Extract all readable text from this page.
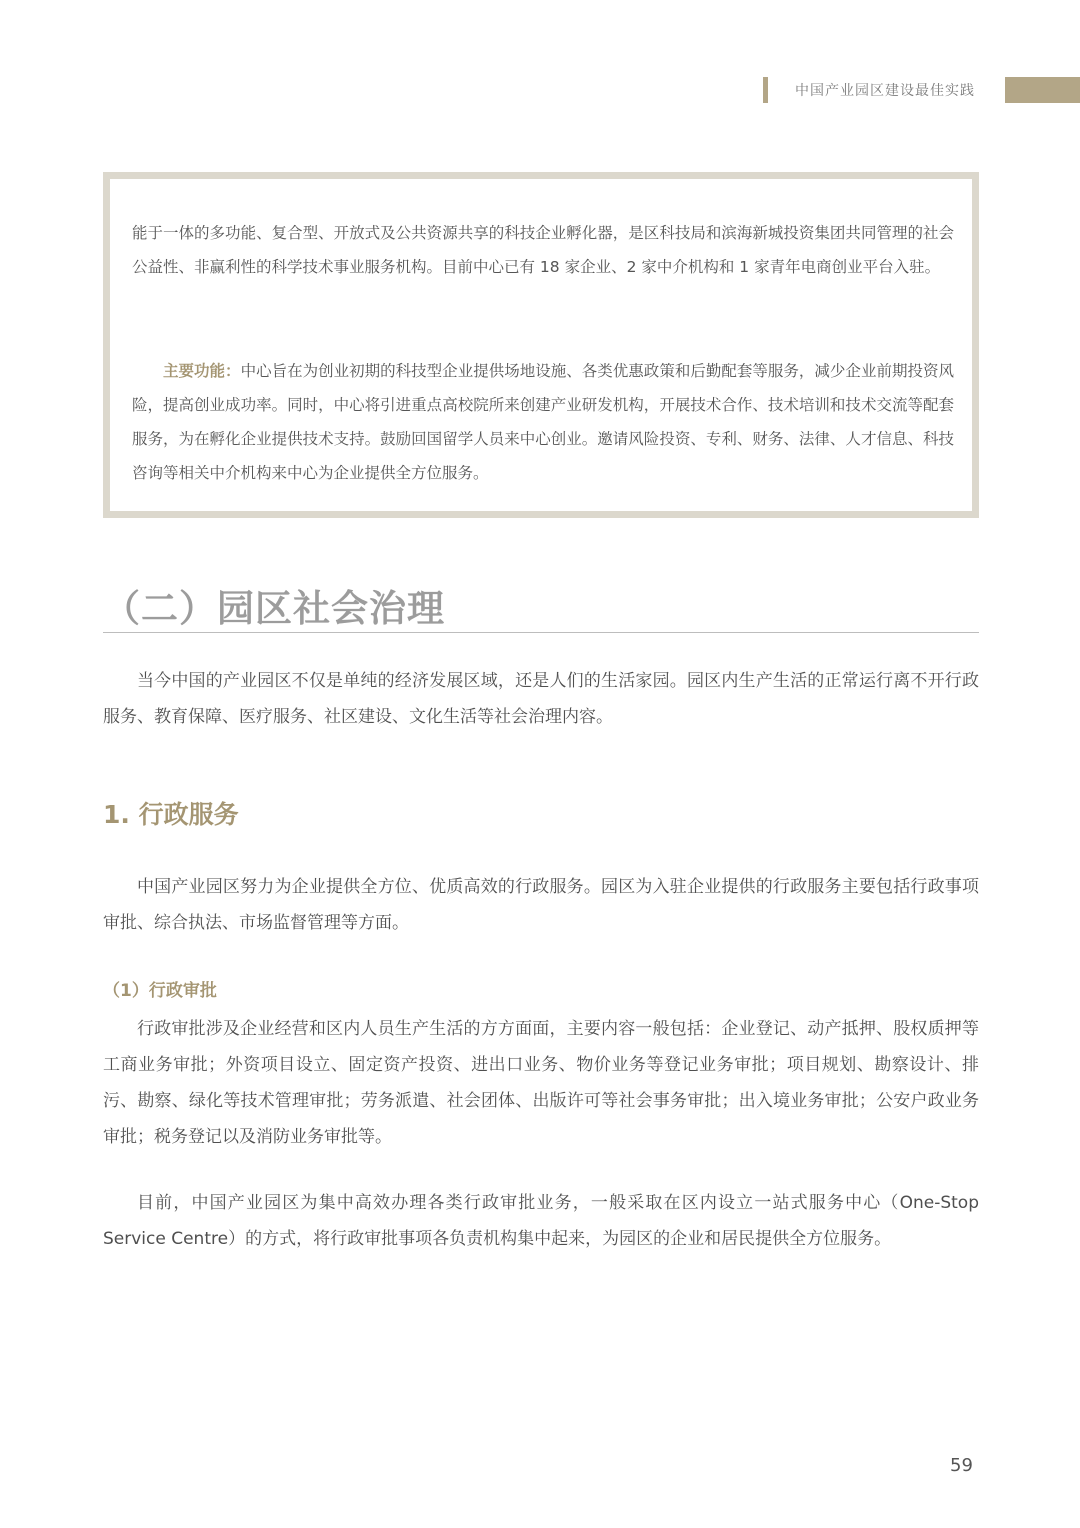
中国产业园区建设最佳实践
能于一体的多功能、复合型、开放式及公共资源共享的科技企业孵化器，是区科技局和滨海新城投资集团共同管理的社会公益性、非赢利性的科学技术事业服务机构。目前中心已有 18 家企业、2 家中介机构和 1 家青年电商创业平台入驻。
主要功能：中心旨在为创业初期的科技型企业提供场地设施、各类优惠政策和后勤配套等服务，减少企业前期投资风险，提高创业成功率。同时，中心将引进重点高校院所来创建产业研发机构，开展技术合作、技术培训和技术交流等配套服务，为在孵化企业提供技术支持。鼓励回国留学人员来中心创业。邀请风险投资、专利、财务、法律、人才信息、科技咨询等相关中介机构来中心为企业提供全方位服务。
（二）园区社会治理
当今中国的产业园区不仅是单纯的经济发展区域，还是人们的生活家园。园区内生产生活的正常运行离不开行政服务、教育保障、医疗服务、社区建设、文化生活等社会治理内容。
1. 行政服务
中国产业园区努力为企业提供全方位、优质高效的行政服务。园区为入驻企业提供的行政服务主要包括行政事项审批、综合执法、市场监督管理等方面。
（1）行政审批
行政审批涉及企业经营和区内人员生产生活的方方面面，主要内容一般包括：企业登记、动产抵押、股权质押等工商业务审批；外资项目设立、固定资产投资、进出口业务、物价业务等登记业务审批；项目规划、勘察设计、排污、勘察、绿化等技术管理审批；劳务派遣、社会团体、出版许可等社会事务审批；出入境业务审批；公安户政业务审批；税务登记以及消防业务审批等。
目前，中国产业园区为集中高效办理各类行政审批业务，一般采取在区内设立一站式服务中心（One-Stop Service Centre）的方式，将行政审批事项各负责机构集中起来，为园区的企业和居民提供全方位服务。
59
